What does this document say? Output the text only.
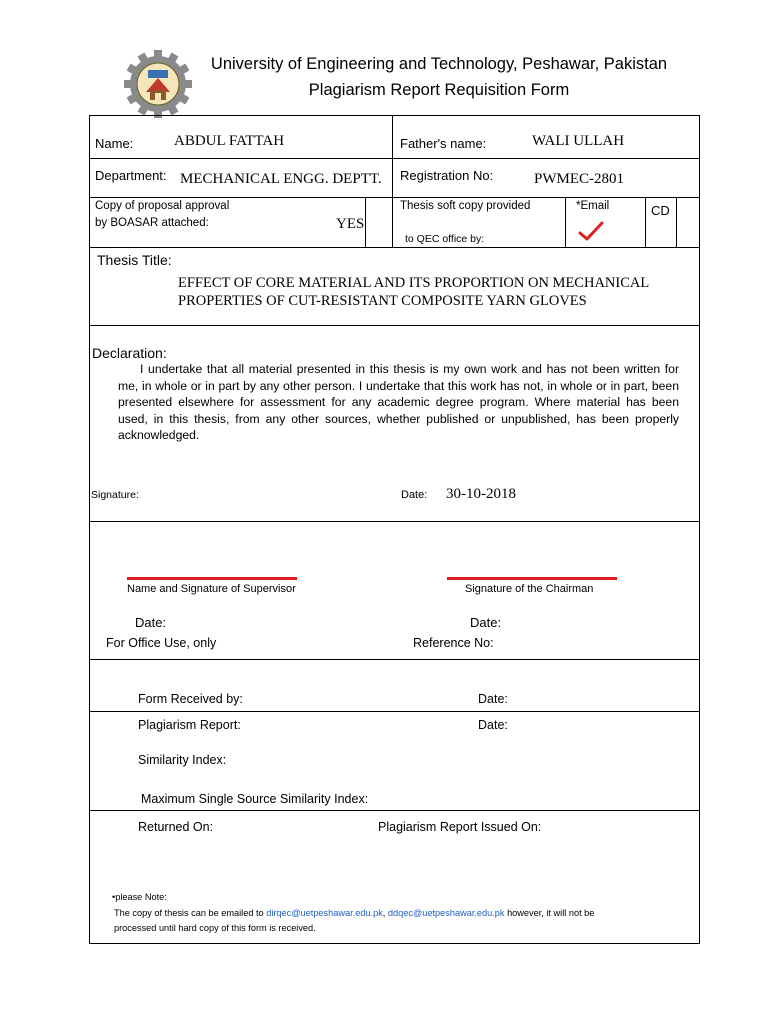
University of Engineering and Technology, Peshawar, Pakistan
Plagiarism Report Requisition Form
Name:	ABDUL FATTAH	Father's name:	WALI ULLAH
Department: MECHANICAL ENGG. DEPTT. Registration No:	PWMEC-2801
Copy of proposal approval
by BOASAR attached:	YES
Thesis soft copy provided
to QEC office by:
*Email	CD
Thesis Title:
EFFECT OF CORE MATERIAL AND ITS PROPORTION ON MECHANICAL
PROPERTIES OF CUT-RESISTANT COMPOSITE YARN GLOVES
Declaration:
I undertake that all material presented in this thesis is my own work and has not been written for me, in whole or in part by any other person. I undertake that this work has not, in whole or in part, been presented elsewhere for assessment for any academic degree program. Where material has been used, in this thesis, from any other sources, whether published or unpublished, has been properly acknowledged.
Signature:	Date: 30-10-2018
Name and Signature of Supervisor	Signature of the Chairman
Date:	Date:
For Office Use, only	Reference No:
Form Received by:	Date:
Plagiarism Report:	Date:
Similarity Index:
Maximum Single Source Similarity Index:
Returned On:	Plagiarism Report Issued On:
•please Note:
The copy of thesis can be emailed to dirqec@uetpeshawar.edu.pk, ddqec@uetpeshawar.edu.pk however, it will not be
processed until hard copy of this form is received.
